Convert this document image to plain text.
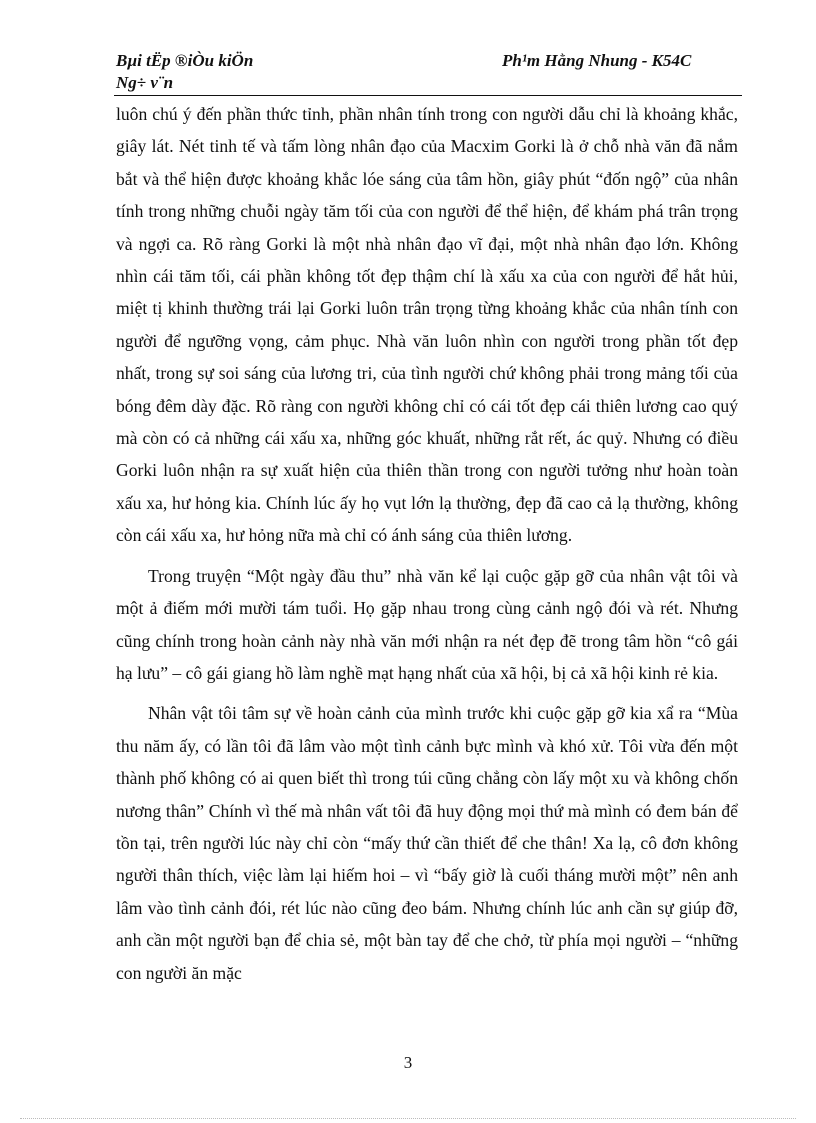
Bµi tËp ®iÒu kiÖn
Ng÷ v¨n
Ph¹m Hằng Nhung - K54C

luôn chú ý đến phần thức tỉnh, phần nhân tính trong con người dẫu chỉ là khoảng khắc, giây lát. Nét tinh tế và tấm lòng nhân đạo của Macxim Gorki là ở chỗ nhà văn đã nắm bắt và thể hiện được khoảng khắc lóe sáng của tâm hồn, giây phút “đốn ngộ” của nhân tính trong những chuỗi ngày tăm tối của con người để thể hiện, để khám phá trân trọng và ngợi ca. Rõ ràng Gorki là một nhà nhân đạo vĩ đại, một nhà nhân đạo lớn. Không nhìn cái tăm tối, cái phần không tốt đẹp thậm chí là xấu xa của con người để hắt hủi, miệt tị khinh thường trái lại Gorki luôn trân trọng từng khoảng khắc của nhân tính con người để ngưỡng vọng, cảm phục. Nhà văn luôn nhìn con người trong phần tốt đẹp nhất, trong sự soi sáng của lương tri, của tình người chứ không phải trong mảng tối của bóng đêm dày đặc. Rõ ràng con người không chỉ có cái tốt đẹp cái thiên lương cao quý mà còn có cả những cái xấu xa, những góc khuất, những rắt rết, ác quỷ. Nhưng có điều Gorki luôn nhận ra sự xuất hiện của thiên thần trong con người tưởng như hoàn toàn xấu xa, hư hỏng kia. Chính lúc ấy họ vụt lớn lạ thường, đẹp đã cao cả lạ thường, không còn cái xấu xa, hư hỏng nữa mà chỉ có ánh sáng của thiên lương.

Trong truyện “Một ngày đầu thu” nhà văn kể lại cuộc gặp gỡ của nhân vật tôi và một ả điếm mới mười tám tuổi. Họ gặp nhau trong cùng cảnh ngộ đói và rét. Nhưng cũng chính trong hoàn cảnh này nhà văn mới nhận ra nét đẹp đẽ trong tâm hồn “cô gái hạ lưu” – cô gái giang hồ làm nghề mạt hạng nhất của xã hội, bị cả xã hội kinh rẻ kia.

Nhân vật tôi tâm sự về hoàn cảnh của mình trước khi cuộc gặp gỡ kia xẩ ra “Mùa thu năm ấy, có lần tôi đã lâm vào một tình cảnh bực mình và khó xử. Tôi vừa đến một thành phố không có ai quen biết thì trong túi cũng chẳng còn lấy một xu và không chốn nương thân” Chính vì thế mà nhân vất tôi đã huy động mọi thứ mà mình có đem bán để tồn tại, trên người lúc này chỉ còn “mấy thứ cần thiết để che thân! Xa lạ, cô đơn không người thân thích, việc làm lại hiếm hoi – vì “bấy giờ là cuối tháng mười một” nên anh lâm vào tình cảnh đói, rét lúc nào cũng đeo bám. Nhưng chính lúc anh cần sự giúp đỡ, anh cần một người bạn để chia sẻ, một bàn tay để che chở, từ phía mọi người – “những con người ăn mặc

3
